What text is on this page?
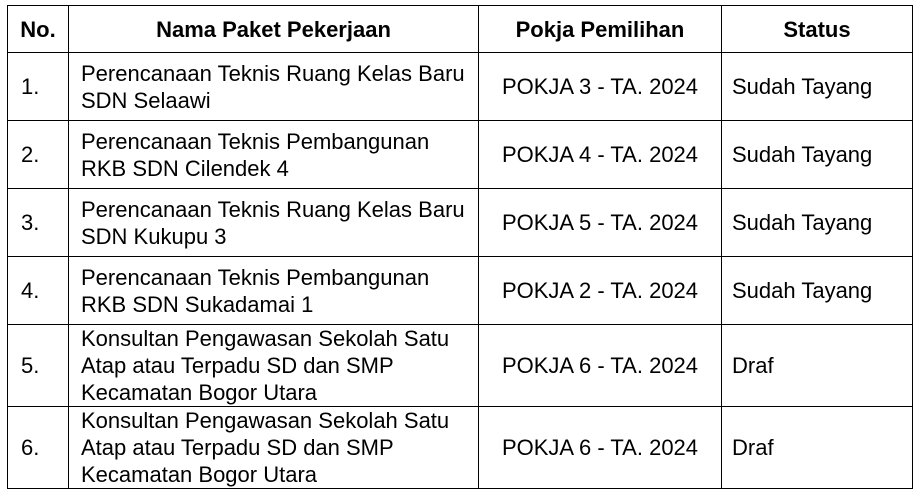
No.	Nama Paket Pekerjaan	Pokja Pemilihan	Status
1.	Perencanaan Teknis Ruang Kelas Baru SDN Selaawi	POKJA 3 - TA. 2024	Sudah Tayang
2.	Perencanaan Teknis Pembangunan RKB SDN Cilendek 4	POKJA 4 - TA. 2024	Sudah Tayang
3.	Perencanaan Teknis Ruang Kelas Baru SDN Kukupu 3	POKJA 5 - TA. 2024	Sudah Tayang
4.	Perencanaan Teknis Pembangunan RKB SDN Sukadamai 1	POKJA 2 - TA. 2024	Sudah Tayang
5.	Konsultan Pengawasan Sekolah Satu Atap atau Terpadu SD dan SMP Kecamatan Bogor Utara	POKJA 6 - TA. 2024	Draf
6.	Konsultan Pengawasan Sekolah Satu Atap atau Terpadu SD dan SMP Kecamatan Bogor Utara	POKJA 6 - TA. 2024	Draf
